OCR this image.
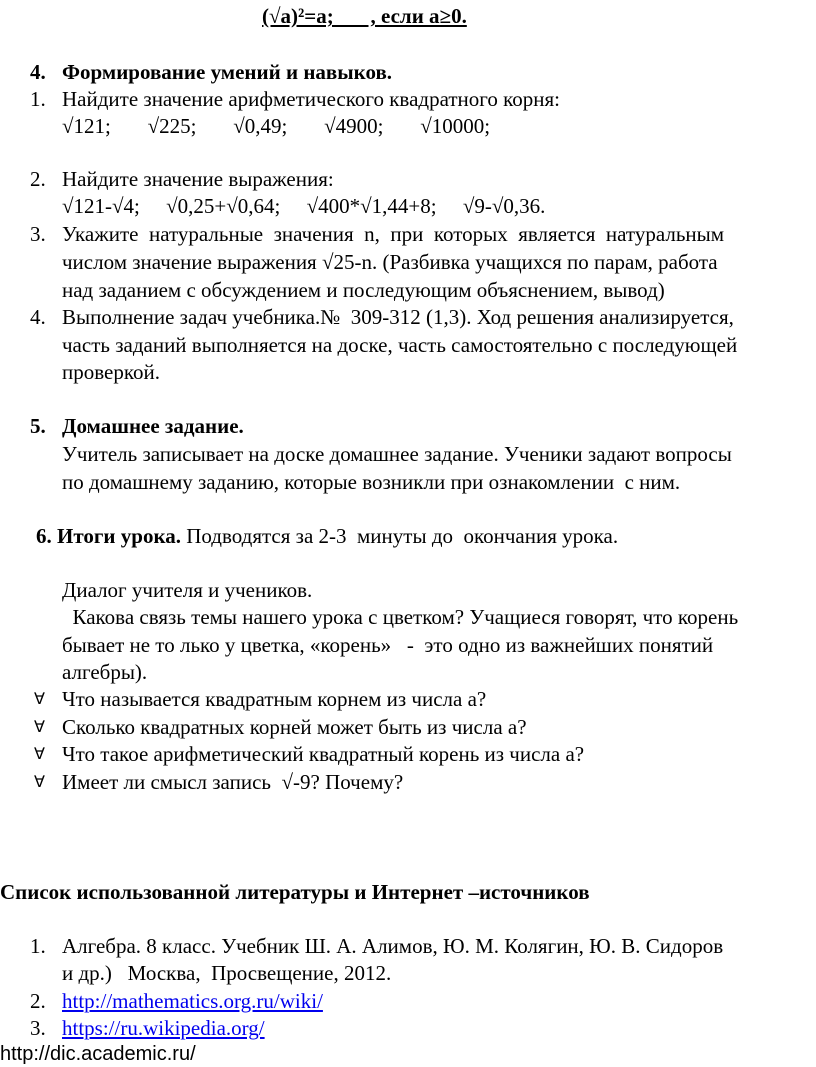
(√a)²=a;       , если a≥0.
4. Формирование умений и навыков.
1. Найдите значение арифметического квадратного корня:
√121;       √225;       √0,49;       √4900;       √10000;
2. Найдите значение выражения:
√121-√4;     √0,25+√0,64;     √400*√1,44+8;     √9-√0,36.
3. Укажите  натуральные  значения  n,  при  которых  является  натуральным
числом значение выражения √25-n. (Разбивка учащихся по парам, работа
над заданием с обсуждением и последующим объяснением, вывод)
4. Выполнение задач учебника.№  309-312 (1,3). Ход решения анализируется,
часть заданий выполняется на доске, часть самостоятельно с последующей
проверкой.
5. Домашнее задание.
Учитель записывает на доске домашнее задание. Ученики задают вопросы
по домашнему заданию, которые возникли при ознакомлении  с ним.
6. Итоги урока. Подводятся за 2-3  минуты до  окончания урока.
Диалог учителя и учеников.
Какова связь темы нашего урока с цветком? Учащиеся говорят, что корень
бывает не то лько у цветка, «корень»   -  это одно из важнейших понятий
алгебры).
Ɐ Что называется квадратным корнем из числа а?
Ɐ Сколько квадратных корней может быть из числа а?
Ɐ Что такое арифметический квадратный корень из числа а?
Ɐ Имеет ли смысл запись  √-9? Почему?
Список использованной литературы и Интернет –источников
1. Алгебра. 8 класс. Учебник Ш. А. Алимов, Ю. М. Колягин, Ю. В. Сидоров
и др.)   Москва,  Просвещение, 2012.
2. http://mathematics.org.ru/wiki/
3. https://ru.wikipedia.org/
http://dic.academic.ru/
